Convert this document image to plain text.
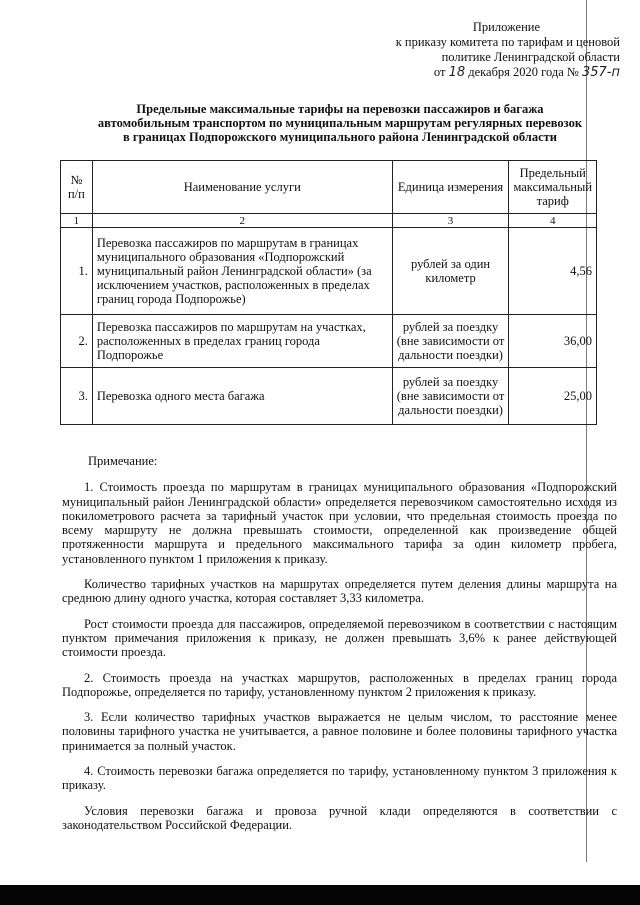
Приложение
к приказу комитета по тарифам и ценовой
политике Ленинградской области
от 18 декабря 2020 года № 357-п
Предельные максимальные тарифы на перевозки пассажиров и багажа
автомобильным транспортом по муниципальным маршрутам регулярных перевозок
в границах Подпорожского муниципального района Ленинградской области
№ п/п	Наименование услуги	Единица измерения	Предельный максимальный тариф
1	2	3	4
1.	Перевозка пассажиров по маршрутам в границах муниципального образования «Подпорожский муниципальный район Ленинградской области» (за исключением участков, расположенных в пределах границ города Подпорожье)	рублей за один километр	4,56
2.	Перевозка пассажиров по маршрутам на участках, расположенных в пределах границ города Подпорожье	рублей за поездку (вне зависимости от дальности поездки)	36,00
3.	Перевозка одного места багажа	рублей за поездку (вне зависимости от дальности поездки)	25,00
Примечание:

1. Стоимость проезда по маршрутам в границах муниципального образования «Подпорожский муниципальный район Ленинградской области» определяется перевозчиком самостоятельно исходя из покилометрового расчета за тарифный участок при условии, что предельная стоимость проезда по всему маршруту не должна превышать стоимости, определенной как произведение общей протяженности маршрута и предельного максимального тарифа за один километр пробега, установленного пунктом 1 приложения к приказу.

Количество тарифных участков на маршрутах определяется путем деления длины маршрута на среднюю длину одного участка, которая составляет 3,33 километра.

Рост стоимости проезда для пассажиров, определяемой перевозчиком в соответствии с настоящим пунктом примечания приложения к приказу, не должен превышать 3,6% к ранее действующей стоимости проезда.

2. Стоимость проезда на участках маршрутов, расположенных в пределах границ города Подпорожье, определяется по тарифу, установленному пунктом 2 приложения к приказу.

3. Если количество тарифных участков выражается не целым числом, то расстояние менее половины тарифного участка не учитывается, а равное половине и более половины тарифного участка принимается за полный участок.

4. Стоимость перевозки багажа определяется по тарифу, установленному пунктом 3 приложения к приказу.

Условия перевозки багажа и провоза ручной клади определяются в соответствии с законодательством Российской Федерации.
